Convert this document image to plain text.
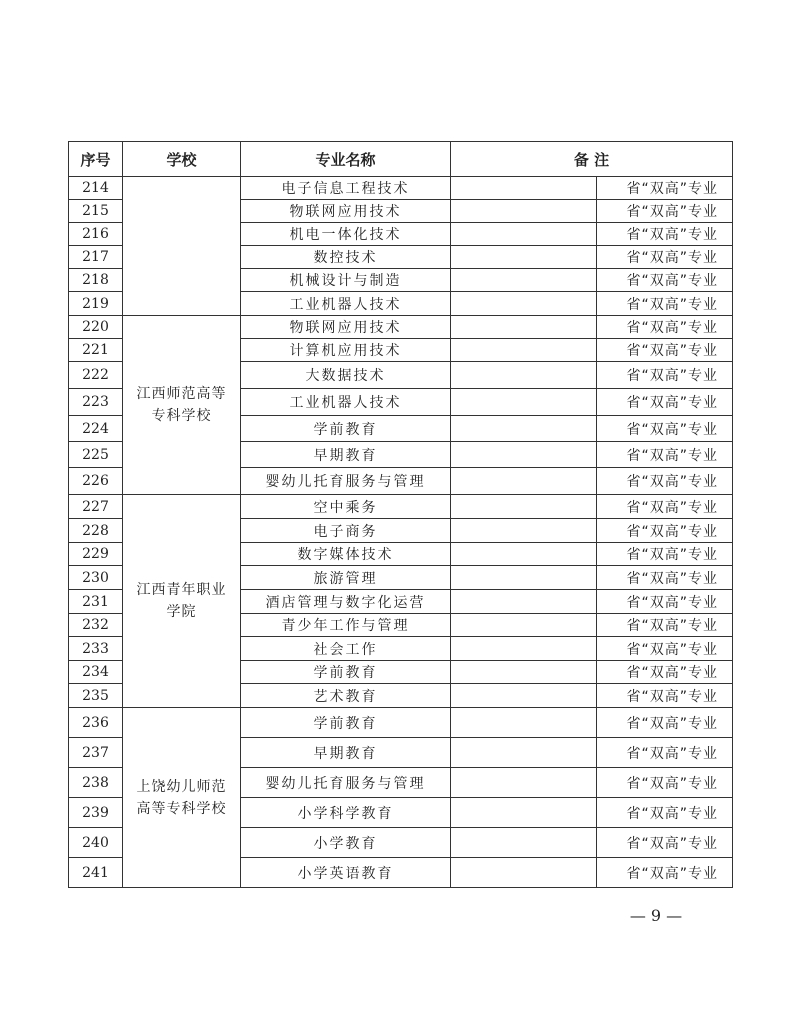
序号	学校	专业名称	备 注	
214		电子信息工程技术		省“双高”专业
215		物联网应用技术		省“双高”专业
216		机电一体化技术		省“双高”专业
217		数控技术		省“双高”专业
218		机械设计与制造		省“双高”专业
219		工业机器人技术		省“双高”专业
220	江西师范高等专科学校	物联网应用技术		省“双高”专业
221		计算机应用技术		省“双高”专业
222		大数据技术		省“双高”专业
223		工业机器人技术		省“双高”专业
224		学前教育		省“双高”专业
225		早期教育		省“双高”专业
226		婴幼儿托育服务与管理		省“双高”专业
227	江西青年职业学院	空中乘务		省“双高”专业
228		电子商务		省“双高”专业
229		数字媒体技术		省“双高”专业
230		旅游管理		省“双高”专业
231		酒店管理与数字化运营		省“双高”专业
232		青少年工作与管理		省“双高”专业
233		社会工作		省“双高”专业
234		学前教育		省“双高”专业
235		艺术教育		省“双高”专业
236	上饶幼儿师范高等专科学校	学前教育		省“双高”专业
237		早期教育		省“双高”专业
238		婴幼儿托育服务与管理		省“双高”专业
239		小学科学教育		省“双高”专业
240		小学教育		省“双高”专业
241		小学英语教育		省“双高”专业
— 9 —
